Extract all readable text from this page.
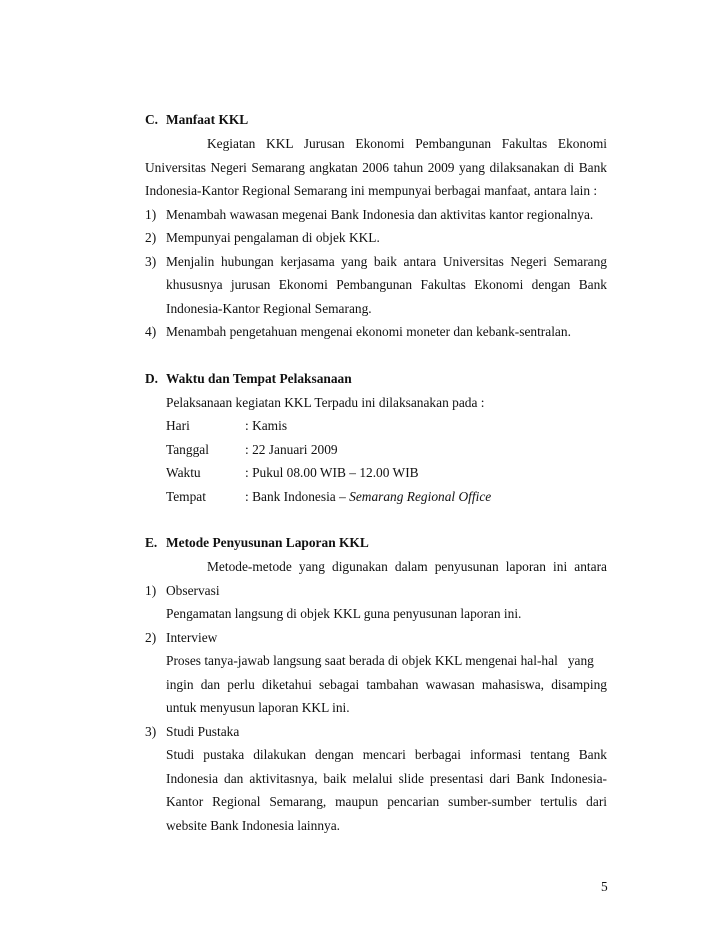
C. Manfaat KKL
Kegiatan KKL Jurusan Ekonomi Pembangunan Fakultas Ekonomi
Universitas Negeri Semarang angkatan 2006 tahun 2009 yang dilaksanakan di Bank
Indonesia-Kantor Regional Semarang ini mempunyai berbagai manfaat, antara lain :
1) Menambah wawasan megenai Bank Indonesia dan aktivitas kantor regionalnya.
2) Mempunyai pengalaman di objek KKL.
3) Menjalin hubungan kerjasama yang baik antara Universitas Negeri Semarang
khususnya jurusan Ekonomi Pembangunan Fakultas Ekonomi dengan Bank
Indonesia-Kantor Regional Semarang.
4) Menambah pengetahuan mengenai ekonomi moneter dan kebank-sentralan.
D. Waktu dan Tempat Pelaksanaan
Pelaksanaan kegiatan KKL Terpadu ini dilaksanakan pada :
Hari	: Kamis
Tanggal	: 22 Januari 2009
Waktu	: Pukul 08.00 WIB – 12.00 WIB
Tempat	: Bank Indonesia – Semarang Regional Office
E. Metode Penyusunan Laporan KKL
Metode-metode yang digunakan dalam penyusunan laporan ini antara
1) Observasi
Pengamatan langsung di objek KKL guna penyusunan laporan ini.
2) Interview
Proses tanya-jawab langsung saat berada di objek KKL mengenai hal-hal   yang
ingin dan perlu diketahui sebagai tambahan wawasan mahasiswa, disamping
untuk menyusun laporan KKL ini.
3) Studi Pustaka
Studi pustaka dilakukan dengan mencari berbagai informasi tentang Bank
Indonesia dan aktivitasnya, baik melalui slide presentasi dari Bank Indonesia-
Kantor Regional Semarang, maupun pencarian sumber-sumber tertulis dari
website Bank Indonesia lainnya.
5
